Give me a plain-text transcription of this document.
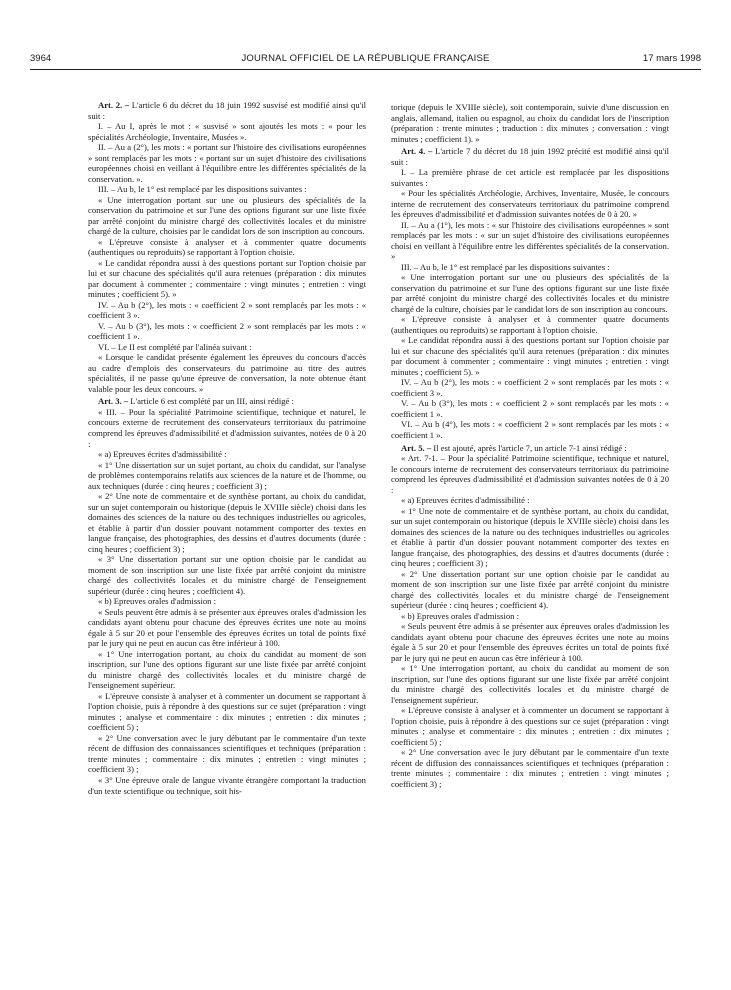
3964	JOURNAL OFFICIEL DE LA RÉPUBLIQUE FRANÇAISE	17 mars 1998

Art. 2. – L'article 6 du décret du 18 juin 1992 susvisé est modifié ainsi qu'il suit :

I. – Au I, après le mot : « susvisé » sont ajoutés les mots : « pour les spécialités Archéologie, Inventaire, Musées ».

II. – Au a (2°), les mots : « portant sur l'histoire des civilisations européennes » sont remplacés par les mots : « portant sur un sujet d'histoire des civilisations européennes choisi en veillant à l'équilibre entre les différentes spécialités de la conservation. ».

III. – Au b, le 1° est remplacé par les dispositions suivantes :

« Une interrogation portant sur une ou plusieurs des spécialités de la conservation du patrimoine et sur l'une des options figurant sur une liste fixée par arrêté conjoint du ministre chargé des collectivités locales et du ministre chargé de la culture, choisies par le candidat lors de son inscription au concours.

« L'épreuve consiste à analyser et à commenter quatre documents (authentiques ou reproduits) se rapportant à l'option choisie.

« Le candidat répondra aussi à des questions portant sur l'option choisie par lui et sur chacune des spécialités qu'il aura retenues (préparation : dix minutes par document à commenter ; commentaire : vingt minutes ; entretien : vingt minutes ; coefficient 5). »

IV. – Au b (2°), les mots : « coefficient 2 » sont remplacés par les mots : « coefficient 3 ».

V. – Au b (3°), les mots : « coefficient 2 » sont remplacés par les mots : « coefficient 1 ».

VI. – Le II est complété par l'alinéa suivant :

« Lorsque le candidat présente également les épreuves du concours d'accès au cadre d'emplois des conservateurs du patrimoine au titre des autres spécialités, il ne passe qu'une épreuve de conversation, la note obtenue étant valable pour les deux concours. »

Art. 3. – L'article 6 est complété par un III, ainsi rédigé :

« III. – Pour la spécialité Patrimoine scientifique, technique et naturel, le concours externe de recrutement des conservateurs territoriaux du patrimoine comprend les épreuves d'admissibilité et d'admission suivantes, notées de 0 à 20 :

« a) Epreuves écrites d'admissibilité :

« 1° Une dissertation sur un sujet portant, au choix du candidat, sur l'analyse de problèmes contemporains relatifs aux sciences de la nature et de l'homme, ou aux techniques (durée : cinq heures ; coefficient 3) ;

« 2° Une note de commentaire et de synthèse portant, au choix du candidat, sur un sujet contemporain ou historique (depuis le XVIIIe siècle) choisi dans les domaines des sciences de la nature ou des techniques industrielles ou agricoles, et établie à partir d'un dossier pouvant notamment comporter des textes en langue française, des photographies, des dessins et d'autres documents (durée : cinq heures ; coefficient 3) ;

« 3° Une dissertation portant sur une option choisie par le candidat au moment de son inscription sur une liste fixée par arrêté conjoint du ministre chargé des collectivités locales et du ministre chargé de l'enseignement supérieur (durée : cinq heures ; coefficient 4).

« b) Epreuves orales d'admission :

« Seuls peuvent être admis à se présenter aux épreuves orales d'admission les candidats ayant obtenu pour chacune des épreuves écrites une note au moins égale à 5 sur 20 et pour l'ensemble des épreuves écrites un total de points fixé par le jury qui ne peut en aucun cas être inférieur à 100.

« 1° Une interrogation portant, au choix du candidat au moment de son inscription, sur l'une des options figurant sur une liste fixée par arrêté conjoint du ministre chargé des collectivités locales et du ministre chargé de l'enseignement supérieur.

« L'épreuve consiste à analyser et à commenter un document se rapportant à l'option choisie, puis à répondre à des questions sur ce sujet (préparation : vingt minutes ; analyse et commentaire : dix minutes ; entretien : dix minutes ; coefficient 5) ;

« 2° Une conversation avec le jury débutant par le commentaire d'un texte récent de diffusion des connaissances scientifiques et techniques (préparation : trente minutes ; commentaire : dix minutes ; entretien : vingt minutes ; coefficient 3) ;

« 3° Une épreuve orale de langue vivante étrangère comportant la traduction d'un texte scientifique ou technique, soit his-

torique (depuis le XVIIIe siècle), soit contemporain, suivie d'une discussion en anglais, allemand, italien ou espagnol, au choix du candidat lors de l'inscription (préparation : trente minutes ; traduction : dix minutes ; conversation : vingt minutes ; coefficient 1). »

Art. 4. – L'article 7 du décret du 18 juin 1992 précité est modifié ainsi qu'il suit :

I. – La première phrase de cet article est remplacée par les dispositions suivantes :

« Pour les spécialités Archéologie, Archives, Inventaire, Musée, le concours interne de recrutement des conservateurs territoriaux du patrimoine comprend les épreuves d'admissibilité et d'admission suivantes notées de 0 à 20. »

II. – Au a (1°), les mots : « sur l'histoire des civilisations européennes » sont remplacés par les mots : « sur un sujet d'histoire des civilisations européennes choisi en veillant à l'équilibre entre les différentes spécialités de la conservation. »

III. – Au b, le 1° est remplacé par les dispositions suivantes :

« Une interrogation portant sur une ou plusieurs des spécialités de la conservation du patrimoine et sur l'une des options figurant sur une liste fixée par arrêté conjoint du ministre chargé des collectivités locales et du ministre chargé de la culture, choisies par le candidat lors de son inscription au concours.

« L'épreuve consiste à analyser et à commenter quatre documents (authentiques ou reproduits) se rapportant à l'option choisie.

« Le candidat répondra aussi à des questions portant sur l'option choisie par lui et sur chacune des spécialités qu'il aura retenues (préparation : dix minutes par document à commenter ; commentaire : vingt minutes ; entretien : vingt minutes ; coefficient 5). »

IV. – Au b (2°), les mots : « coefficient 2 » sont remplacés par les mots : « coefficient 3 ».

V. – Au b (3°), les mots : « coefficient 2 » sont remplacés par les mots : « coefficient 1 ».

VI. – Au b (4°), les mots : « coefficient 2 » sont remplacés par les mots : « coefficient 1 ».

Art. 5. – Il est ajouté, après l'article 7, un article 7-1 ainsi rédigé :

« Art. 7-1. – Pour la spécialité Patrimoine scientifique, technique et naturel, le concours interne de recrutement des conservateurs territoriaux du patrimoine comprend les épreuves d'admissibilité et d'admission suivantes notées de 0 à 20 :

« a) Epreuves écrites d'admissibilité :

« 1° Une note de commentaire et de synthèse portant, au choix du candidat, sur un sujet contemporain ou historique (depuis le XVIIIe siècle) choisi dans les domaines des sciences de la nature ou des techniques industrielles ou agricoles et établie à partir d'un dossier pouvant notamment comporter des textes en langue française, des photographies, des dessins et d'autres documents (durée : cinq heures ; coefficient 3) ;

« 2° Une dissertation portant sur une option choisie par le candidat au moment de son inscription sur une liste fixée par arrêté conjoint du ministre chargé des collectivités locales et du ministre chargé de l'enseignement supérieur (durée : cinq heures ; coefficient 4).

« b) Epreuves orales d'admission :

« Seuls peuvent être admis à se présenter aux épreuves orales d'admission les candidats ayant obtenu pour chacune des épreuves écrites une note au moins égale à 5 sur 20 et pour l'ensemble des épreuves écrites un total de points fixé par le jury qui ne peut en aucun cas être inférieur à 100.

« 1° Une interrogation portant, au choix du candidat au moment de son inscription, sur l'une des options figurant sur une liste fixée par arrêté conjoint du ministre chargé des collectivités locales et du ministre chargé de l'enseignement supérieur.

« L'épreuve consiste à analyser et à commenter un document se rapportant à l'option choisie, puis à répondre à des questions sur ce sujet (préparation : vingt minutes ; analyse et commentaire : dix minutes ; entretien : dix minutes ; coefficient 5) ;

« 2° Une conversation avec le jury débutant par le commentaire d'un texte récent de diffusion des connaissances scientifiques et techniques (préparation : trente minutes ; commentaire : dix minutes ; entretien : vingt minutes ; coefficient 3) ;
